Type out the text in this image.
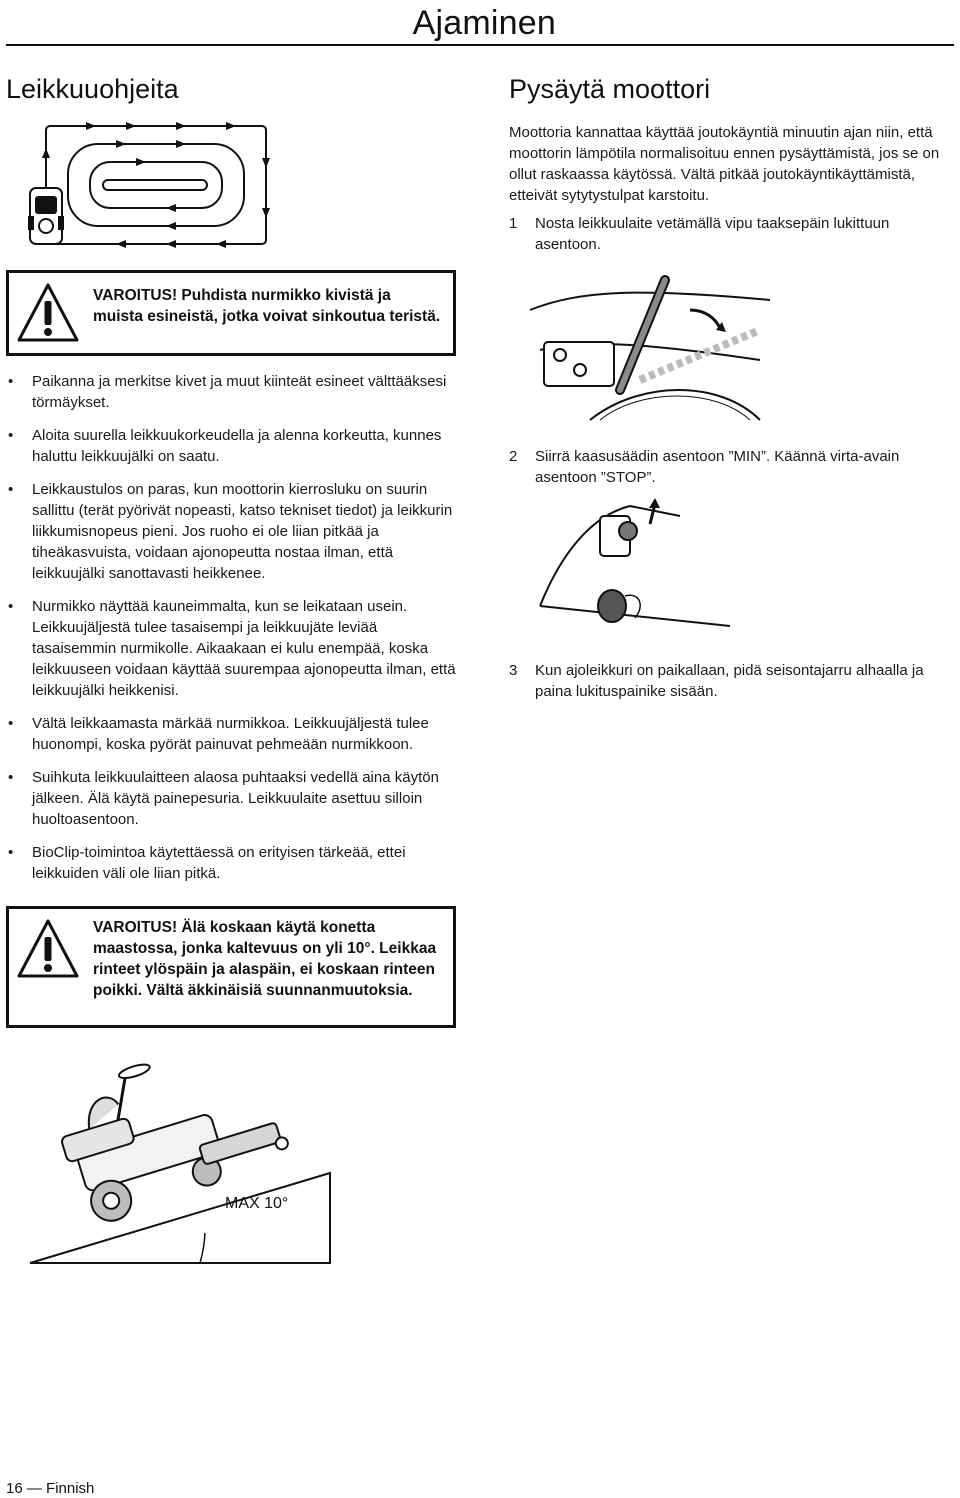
Ajaminen
Leikkuuohjeita
VAROITUS! Puhdista nurmikko kivistä ja muista esineistä, jotka voivat sinkoutua teristä.
• Paikanna ja merkitse kivet ja muut kiinteät esineet välttääksesi törmäykset.
• Aloita suurella leikkuukorkeudella ja alenna korkeutta, kunnes haluttu leikkuujälki on saatu.
• Leikkaustulos on paras, kun moottorin kierrosluku on suurin sallittu (terät pyörivät nopeasti, katso tekniset tiedot) ja leikkurin liikkumisnopeus pieni. Jos ruoho ei ole liian pitkää ja tiheäkasvuista, voidaan ajonopeutta nostaa ilman, että leikkuujälki sanottavasti heikkenee.
• Nurmikko näyttää kauneimmalta, kun se leikataan usein. Leikkuujäljestä tulee tasaisempi ja leikkuujäte leviää tasaisemmin nurmikolle. Aikaakaan ei kulu enempää, koska leikkuuseen voidaan käyttää suurempaa ajonopeutta ilman, että leikkuujälki heikkenisi.
• Vältä leikkaamasta märkää nurmikkoa. Leikkuujäljestä tulee huonompi, koska pyörät painuvat pehmeään nurmikkoon.
• Suihkuta leikkuulaitteen alaosa puhtaaksi vedellä aina käytön jälkeen. Älä käytä painepesuria. Leikkuulaite asettuu silloin huoltoasentoon.
• BioClip-toimintoa käytettäessä on erityisen tärkeää, ettei leikkuiden väli ole liian pitkä.
VAROITUS! Älä koskaan käytä konetta maastossa, jonka kaltevuus on yli 10°. Leikkaa rinteet ylöspäin ja alaspäin, ei koskaan rinteen poikki. Vältä äkkinäisiä suunnanmuutoksia.
MAX 10°
Pysäytä moottori
Moottoria kannattaa käyttää joutokäyntiä minuutin ajan niin, että moottorin lämpötila normalisoituu ennen pysäyttämistä, jos se on ollut raskaassa käytössä. Vältä pitkää joutokäyntikäyttämistä, etteivät sytytystulpat karstoitu.
1	Nosta leikkuulaite vetämällä vipu taaksepäin lukittuun asentoon.
2	Siirrä kaasusäädin asentoon ”MIN”. Käännä virta-avain asentoon ”STOP”.
3	Kun ajoleikkuri on paikallaan, pidä seisontajarru alhaalla ja paina lukituspainike sisään.
16 — Finnish
